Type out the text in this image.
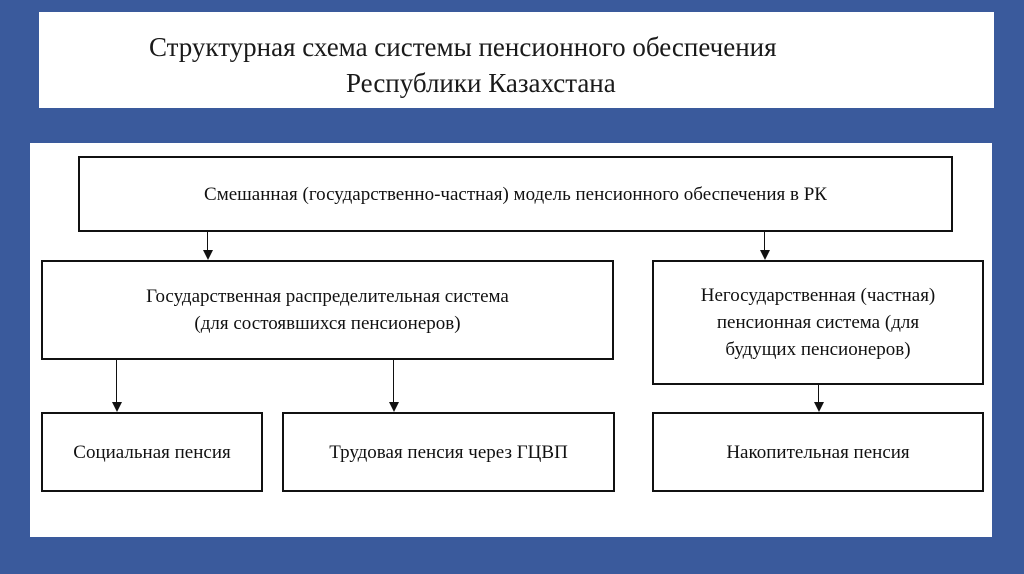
Структурная схема системы пенсионного обеспечения
Республики Казахстана
Смешанная (государственно-частная) модель пенсионного обеспечения в РК
Государственная распределительная система
(для состоявшихся пенсионеров)
Негосударственная (частная)
пенсионная система (для
будущих пенсионеров)
Социальная пенсия	Трудовая пенсия через ГЦВП	Накопительная пенсия
